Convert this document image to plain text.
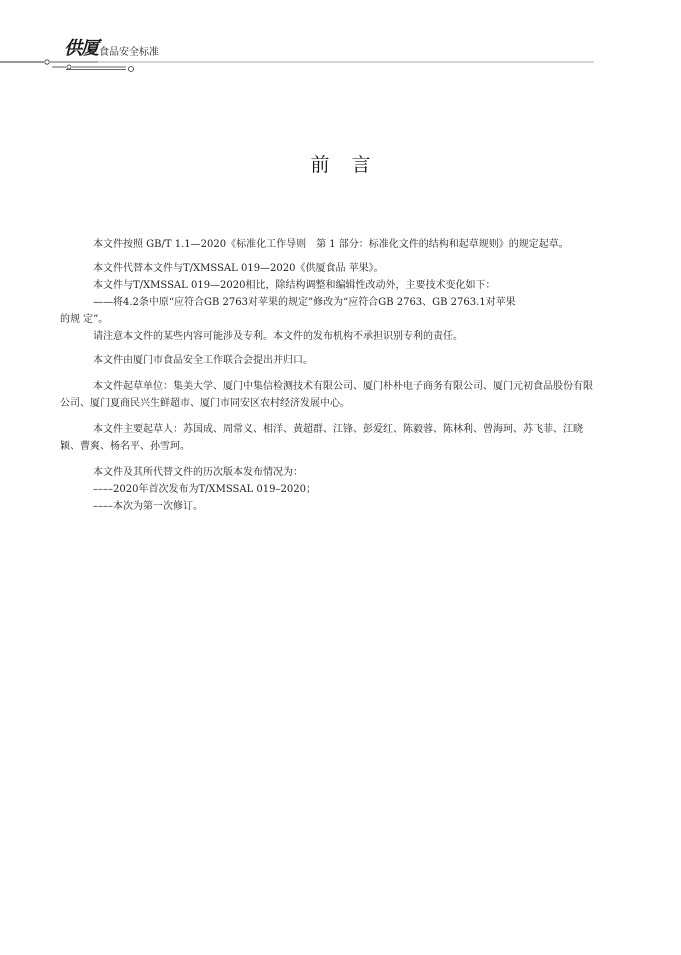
供厦 食品安全标准
前言

本文件按照 GB/T 1.1—2020《标准化工作导则　第 1 部分：标准化文件的结构和起草规则》的规定起草。

本文件代替本文件与T/XMSSAL 019—2020《供厦食品 苹果》。

本文件与T/XMSSAL 019—2020相比，除结构调整和编辑性改动外，主要技术变化如下：

——将4.2条中原“应符合GB 2763对苹果的规定”修改为“应符合GB 2763、GB 2763.1对苹果

的规 定”。

请注意本文件的某些内容可能涉及专利。本文件的发布机构不承担识别专利的责任。

本文件由厦门市食品安全工作联合会提出并归口。

本文件起草单位：集美大学、厦门中集信检测技术有限公司、厦门朴朴电子商务有限公司、厦门元初食品股份有限公司、厦门夏商民兴生鲜超市、厦门市同安区农村经济发展中心。

本文件主要起草人：苏国成、周常义、相洋、黄超群、江锋、彭爱红、陈毅蓉、陈林利、曾海珂、苏飞菲、江晓颖、曹爽、杨名平、孙雪珂。

本文件及其所代替文件的历次版本发布情况为：

––––2020年首次发布为T/XMSSAL 019–2020；

––––本次为第一次修订。
